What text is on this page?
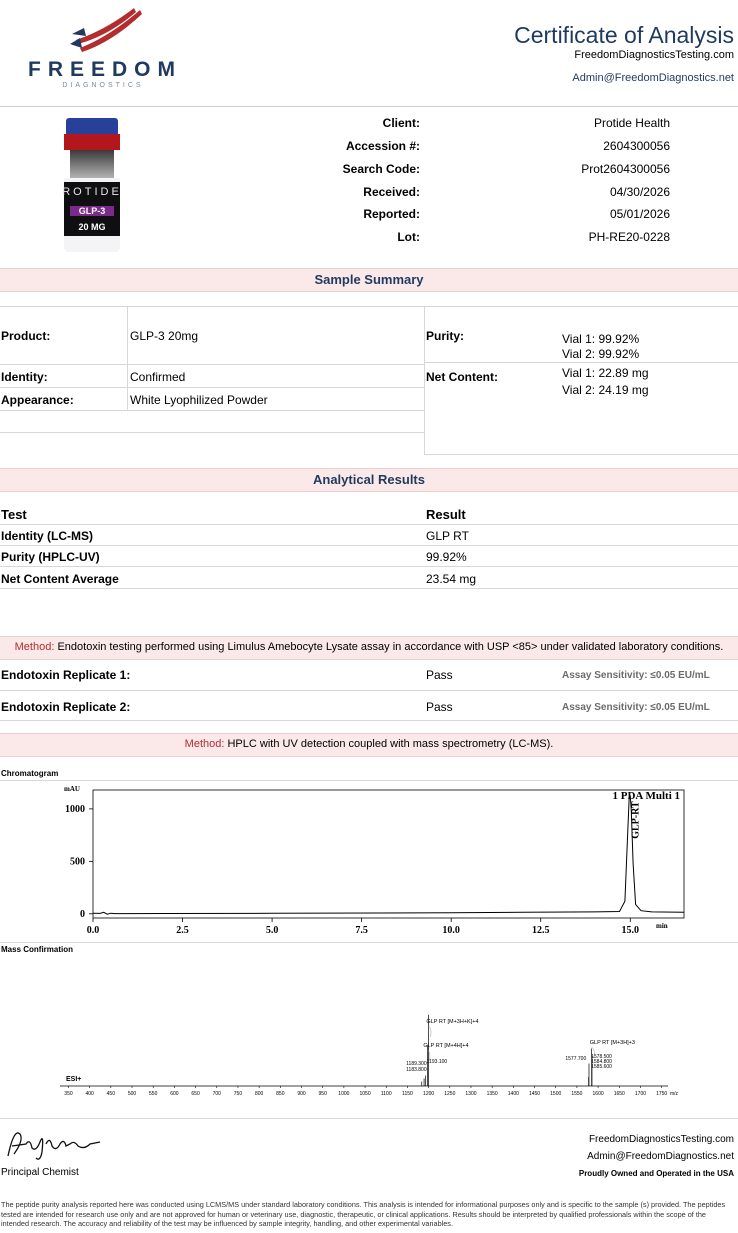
FREEDOM
DIAGNOSTICS
Certificate of Analysis
FreedomDiagnosticsTesting.com
Admin@FreedomDiagnostics.net
ROTIDE
GLP-3
20 MG
Client:	Protide Health
Accession #:	2604300056
Search Code:	Prot2604300056
Received:	04/30/2026
Reported:	05/01/2026
Lot:	PH-RE20-0228
Sample Summary
Product:	GLP-3 20mg
Identity:	Confirmed
Appearance:	White Lyophilized Powder
Purity:	Vial 1: 99.92%
Vial 2: 99.92%
Net Content:	Vial 1: 22.89 mg
Vial 2: 24.19 mg
Analytical Results
Test	Result
Identity (LC-MS)	GLP RT
Purity (HPLC-UV)	99.92%
Net Content Average	23.54 mg
Method: Endotoxin testing performed using Limulus Amebocyte Lysate assay in accordance with USP <85> under validated laboratory conditions.
Endotoxin Replicate 1:	Pass	Assay Sensitivity: ≤0.05 EU/mL
Endotoxin Replicate 2:	Pass	Assay Sensitivity: ≤0.05 EU/mL
Method: HPLC with UV detection coupled with mass spectrometry (LC-MS).
Chromatogram
0.0	2.5	5.0	7.5	10.0	12.5	15.0
0
500
1000
mAU
min
1 PDA Multi 1
GLP-RT
Mass Confirmation
350	400	450	500	550	600	650	700	750	800	850	900	950 1000 1050 1100 1150 1200 1250 1300 1350 1400 1450 1500 1550 1600 1650 1700 1750 m/z
ESI+
1189.300
1183.800
1193.100	1577.700 1578.500
1584.800
1585.600
GLP RT [M+3H+K]+4
GLP RT [M+4H]+4	GLP RT [M+3H]+3
Principal Chemist
FreedomDiagnosticsTesting.com
Admin@FreedomDiagnostics.net
Proudly Owned and Operated in the USA
The peptide purity analysis reported here was conducted using LCMS/MS under standard laboratory conditions. This analysis is intended for informational purposes only and is specific to the sample (s) provided. The peptides tested are intended for research use only and are not approved for human or veterinary use, diagnostic, therapeutic, or clinical applications. Results should be interpreted by qualified professionals within the scope of the intended research. The accuracy and reliability of the test may be influenced by sample integrity, handling, and other experimental variables.
